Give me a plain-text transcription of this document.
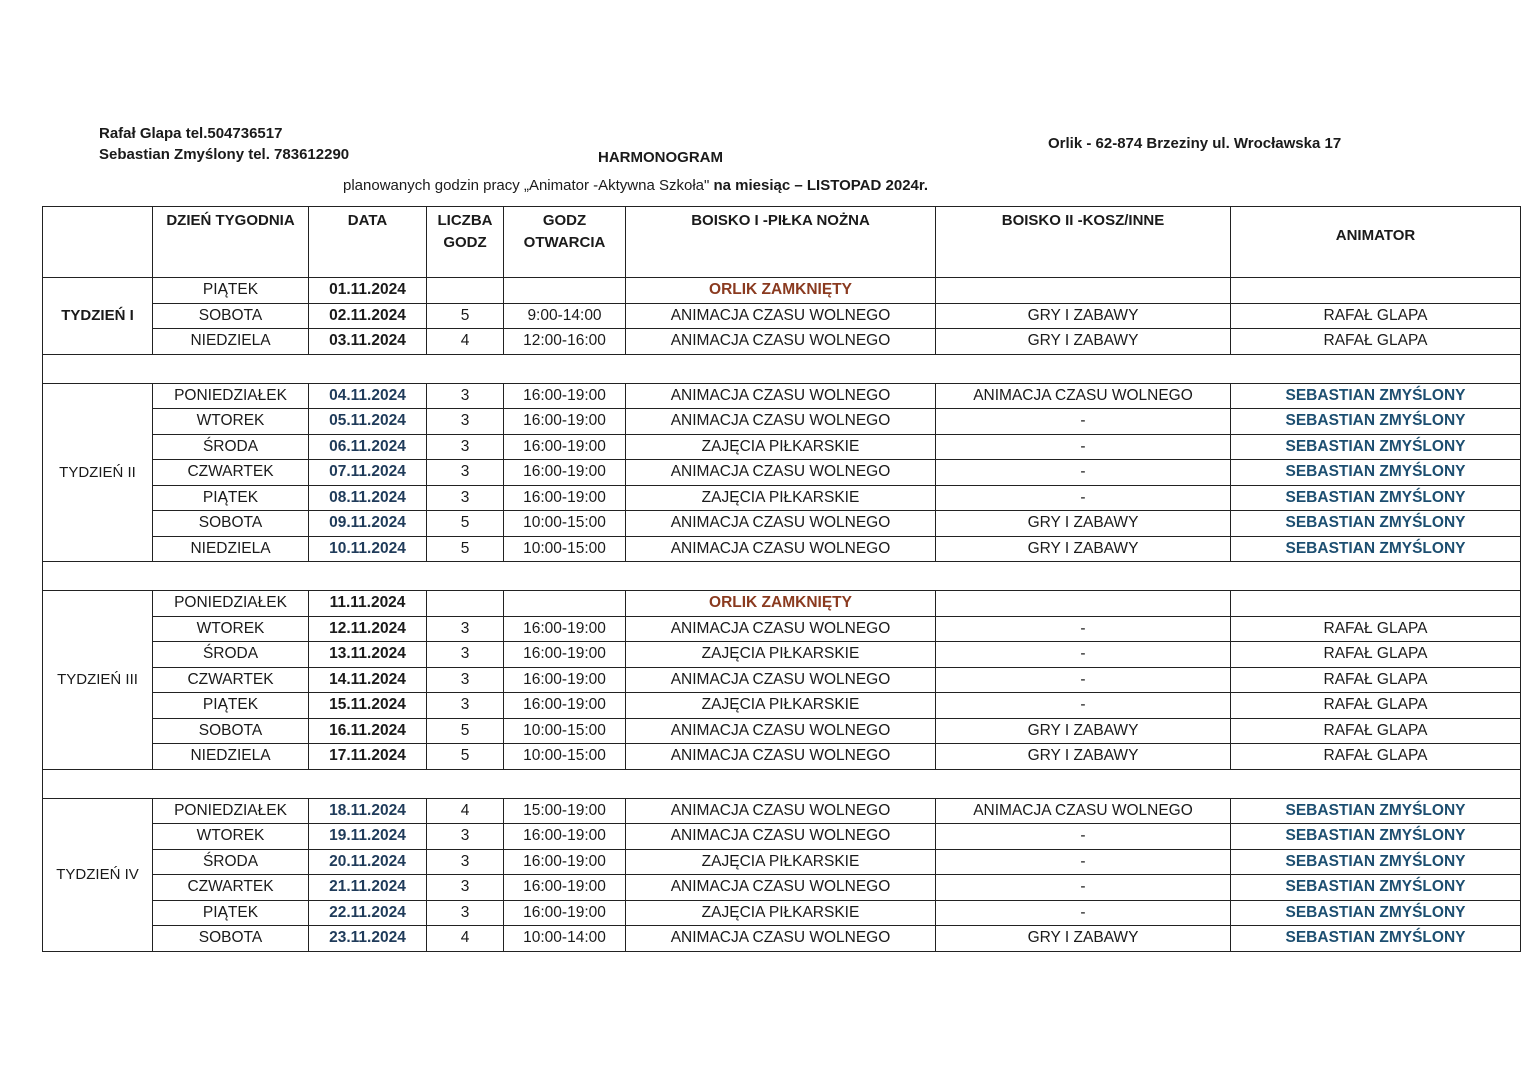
Rafał Glapa tel.504736517
Sebastian Zmyślony tel. 783612290	HARMONOGRAM
Orlik - 62-874 Brzeziny ul. Wrocławska 17
planowanych godzin pracy „Animator -Aktywna Szkoła" na miesiąc – LISTOPAD 2024r.
	DZIEŃ TYGODNIA	DATA	LICZBA GODZ	GODZ OTWARCIA	BOISKO I -PIŁKA NOŻNA	BOISKO II -KOSZ/INNE	ANIMATOR
TYDZIEŃ I	PIĄTEK	01.11.2024			ORLIK ZAMKNIĘTY		
	SOBOTA	02.11.2024	5	9:00-14:00	ANIMACJA CZASU WOLNEGO	GRY I ZABAWY	RAFAŁ GLAPA
	NIEDZIELA	03.11.2024	4	12:00-16:00	ANIMACJA CZASU WOLNEGO	GRY I ZABAWY	RAFAŁ GLAPA

TYDZIEŃ II	PONIEDZIAŁEK	04.11.2024	3	16:00-19:00	ANIMACJA CZASU WOLNEGO	ANIMACJA CZASU WOLNEGO	SEBASTIAN ZMYŚLONY
	WTOREK	05.11.2024	3	16:00-19:00	ANIMACJA CZASU WOLNEGO	-	SEBASTIAN ZMYŚLONY
	ŚRODA	06.11.2024	3	16:00-19:00	ZAJĘCIA PIŁKARSKIE	-	SEBASTIAN ZMYŚLONY
	CZWARTEK	07.11.2024	3	16:00-19:00	ANIMACJA CZASU WOLNEGO	-	SEBASTIAN ZMYŚLONY
	PIĄTEK	08.11.2024	3	16:00-19:00	ZAJĘCIA PIŁKARSKIE	-	SEBASTIAN ZMYŚLONY
	SOBOTA	09.11.2024	5	10:00-15:00	ANIMACJA CZASU WOLNEGO	GRY I ZABAWY	SEBASTIAN ZMYŚLONY
	NIEDZIELA	10.11.2024	5	10:00-15:00	ANIMACJA CZASU WOLNEGO	GRY I ZABAWY	SEBASTIAN ZMYŚLONY

TYDZIEŃ III	PONIEDZIAŁEK	11.11.2024			ORLIK ZAMKNIĘTY		
	WTOREK	12.11.2024	3	16:00-19:00	ANIMACJA CZASU WOLNEGO	-	RAFAŁ GLAPA
	ŚRODA	13.11.2024	3	16:00-19:00	ZAJĘCIA PIŁKARSKIE	-	RAFAŁ GLAPA
	CZWARTEK	14.11.2024	3	16:00-19:00	ANIMACJA CZASU WOLNEGO	-	RAFAŁ GLAPA
	PIĄTEK	15.11.2024	3	16:00-19:00	ZAJĘCIA PIŁKARSKIE	-	RAFAŁ GLAPA
	SOBOTA	16.11.2024	5	10:00-15:00	ANIMACJA CZASU WOLNEGO	GRY I ZABAWY	RAFAŁ GLAPA
	NIEDZIELA	17.11.2024	5	10:00-15:00	ANIMACJA CZASU WOLNEGO	GRY I ZABAWY	RAFAŁ GLAPA

TYDZIEŃ IV	PONIEDZIAŁEK	18.11.2024	4	15:00-19:00	ANIMACJA CZASU WOLNEGO	ANIMACJA CZASU WOLNEGO	SEBASTIAN ZMYŚLONY
	WTOREK	19.11.2024	3	16:00-19:00	ANIMACJA CZASU WOLNEGO	-	SEBASTIAN ZMYŚLONY
	ŚRODA	20.11.2024	3	16:00-19:00	ZAJĘCIA PIŁKARSKIE	-	SEBASTIAN ZMYŚLONY
	CZWARTEK	21.11.2024	3	16:00-19:00	ANIMACJA CZASU WOLNEGO	-	SEBASTIAN ZMYŚLONY
	PIĄTEK	22.11.2024	3	16:00-19:00	ZAJĘCIA PIŁKARSKIE	-	SEBASTIAN ZMYŚLONY
	SOBOTA	23.11.2024	4	10:00-14:00	ANIMACJA CZASU WOLNEGO	GRY I ZABAWY	SEBASTIAN ZMYŚLONY
